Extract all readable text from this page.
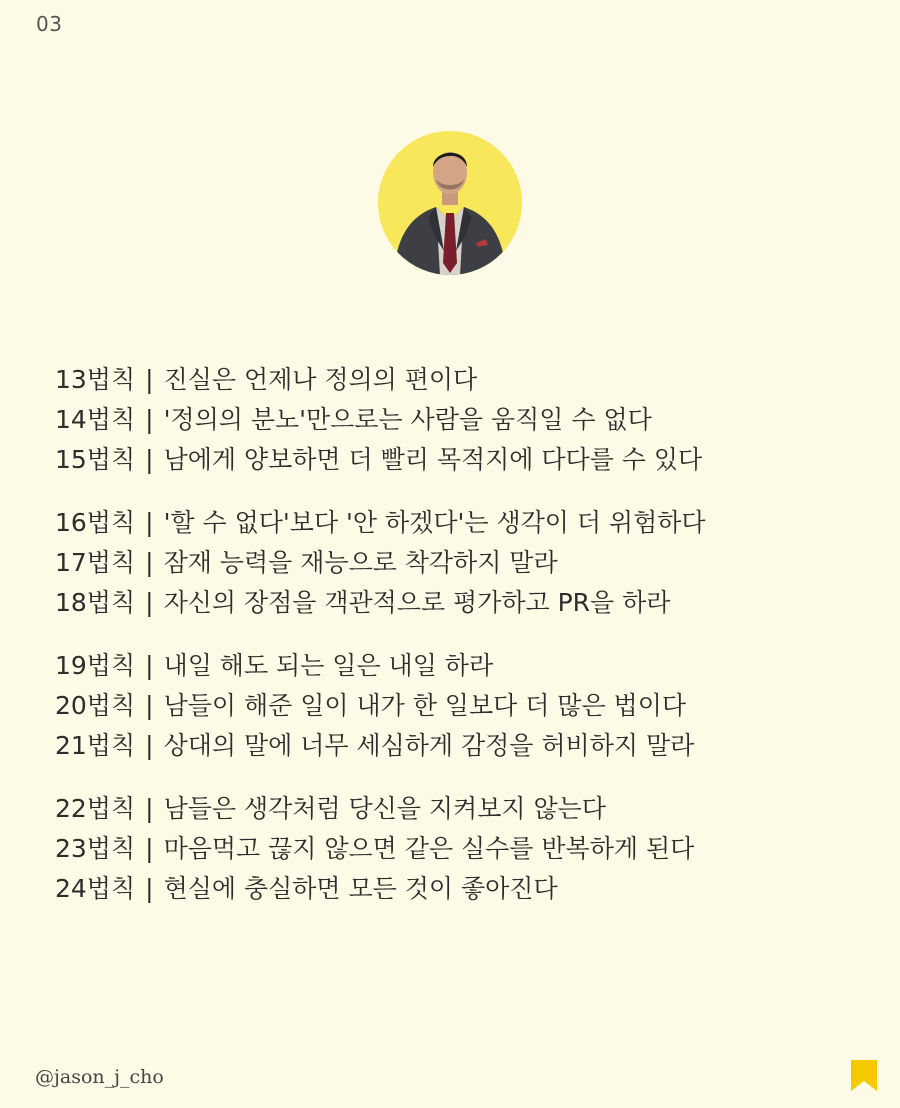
03
13법칙 | 진실은 언제나 정의의 편이다
14법칙 | '정의의 분노'만으로는 사람을 움직일 수 없다
15법칙 | 남에게 양보하면 더 빨리 목적지에 다다를 수 있다
16법칙 | '할 수 없다'보다 '안 하겠다'는 생각이 더 위험하다
17법칙 | 잠재 능력을 재능으로 착각하지 말라
18법칙 | 자신의 장점을 객관적으로 평가하고 PR을 하라
19법칙 | 내일 해도 되는 일은 내일 하라
20법칙 | 남들이 해준 일이 내가 한 일보다 더 많은 법이다
21법칙 | 상대의 말에 너무 세심하게 감정을 허비하지 말라
22법칙 | 남들은 생각처럼 당신을 지켜보지 않는다
23법칙 | 마음먹고 끊지 않으면 같은 실수를 반복하게 된다
24법칙 | 현실에 충실하면 모든 것이 좋아진다
@jason_j_cho
